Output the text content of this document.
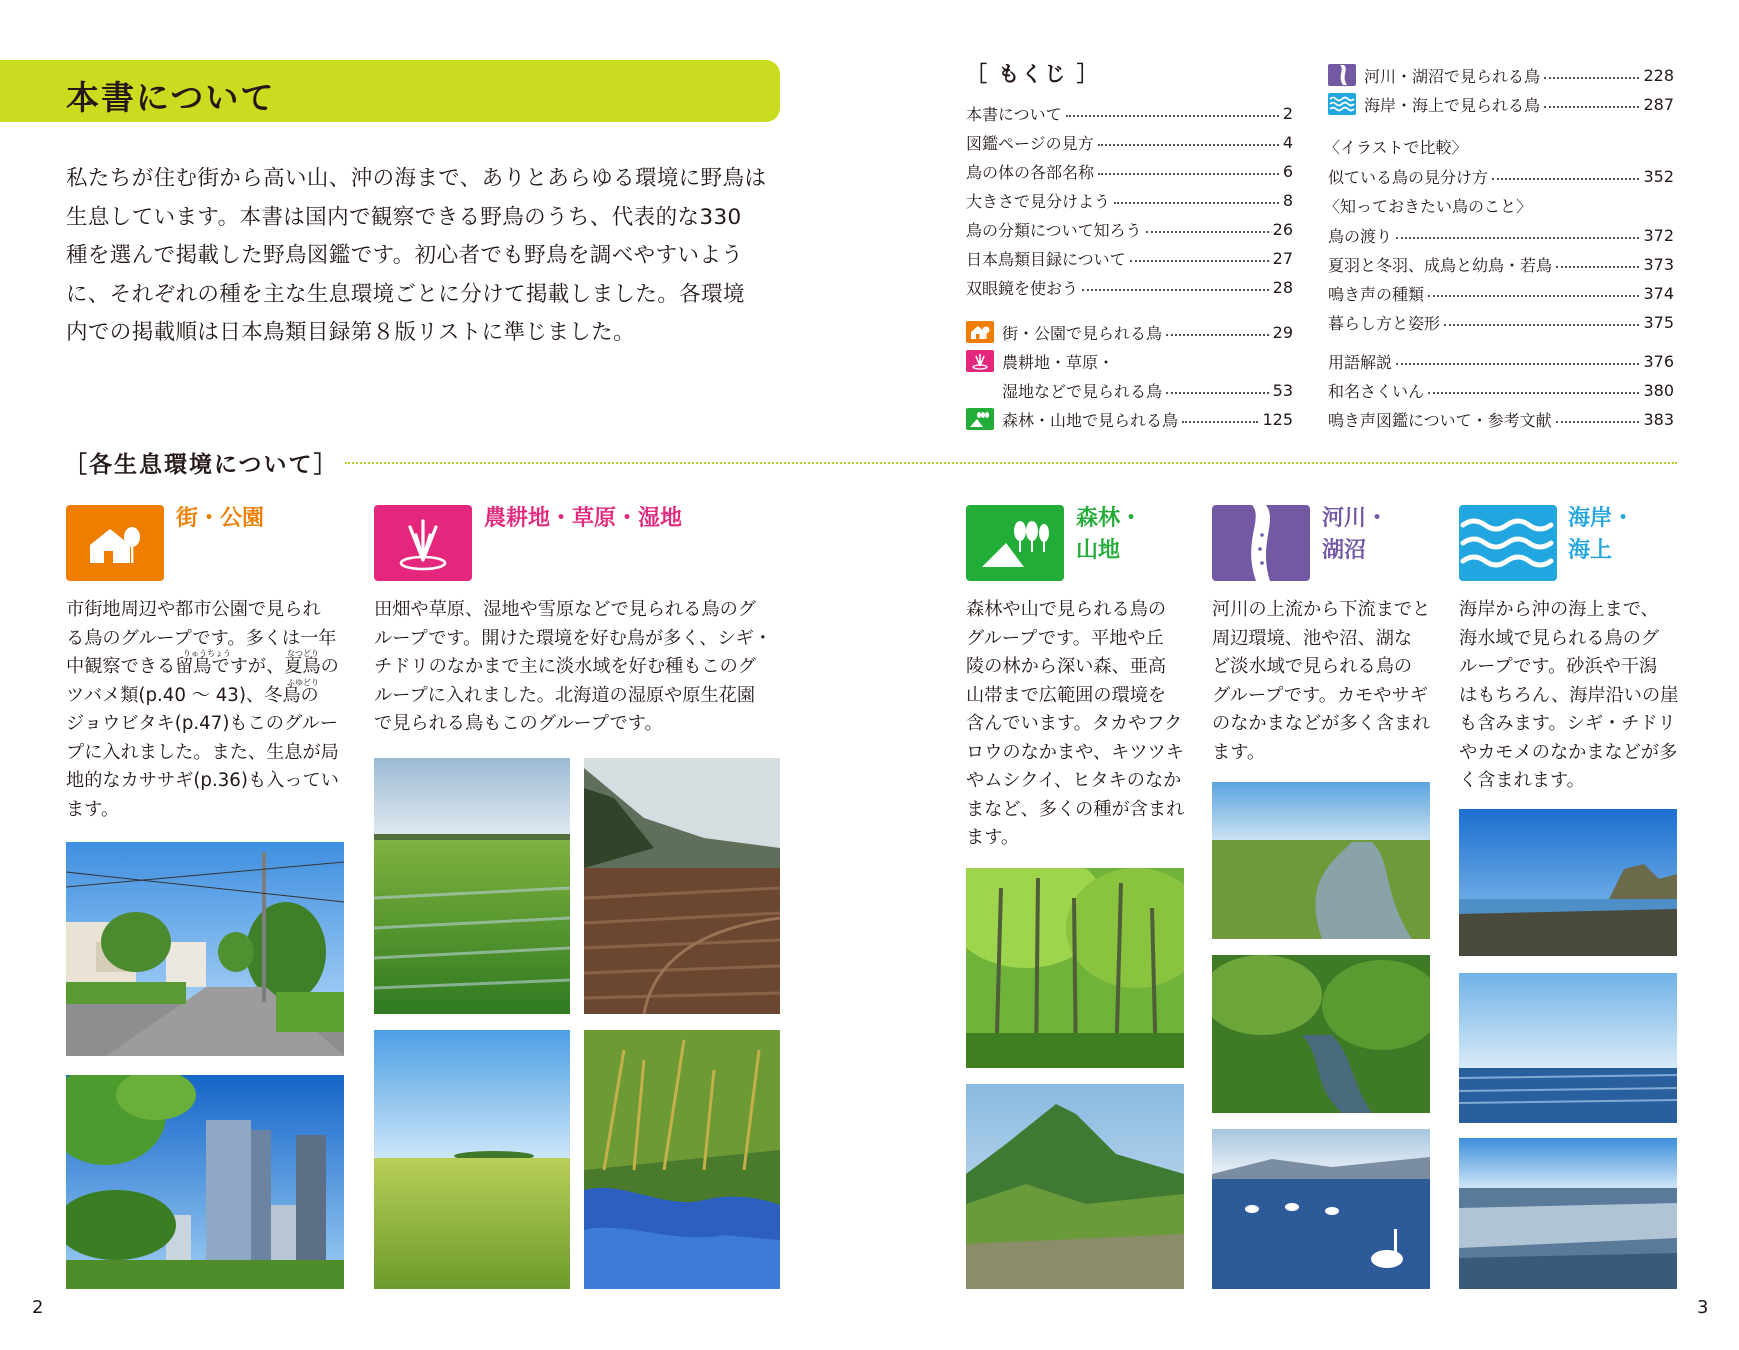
本書について

私たちが住む街から高い山、沖の海まで、ありとあらゆる環境に野鳥は

生息しています。本書は国内で観察できる野鳥のうち、代表的な330

種を選んで掲載した野鳥図鑑です。初心者でも野鳥を調べやすいよう

に、それぞれの種を主な生息環境ごとに分けて掲載しました。各環境

内での掲載順は日本鳥類目録第８版リストに準じました。

［ もくじ ］
本書について	2
図鑑ページの見方	4
鳥の体の各部名称	6
大きさで見分けよう	8
鳥の分類について知ろう	26
日本鳥類目録について	27
双眼鏡を使おう	28
街・公園で見られる鳥	29
農耕地・草原・
湿地などで見られる鳥	53
森林・山地で見られる鳥	125
河川・湖沼で見られる鳥	228
海岸・海上で見られる鳥	287
〈イラストで比較〉
似ている鳥の見分け方	352
〈知っておきたい鳥のこと〉
鳥の渡り	372
夏羽と冬羽、成鳥と幼鳥・若鳥	373
鳴き声の種類	374
暮らし方と姿形	375
用語解説	376
和名さくいん	380
鳴き声図鑑について・参考文献	383
［各生息環境について］
街・公園
市街地周辺や都市公園で見られ
る鳥のグループです。多くは一年
中観察できる留鳥ですが、夏鳥の
ツバメ類(p.40 ～ 43)、冬鳥の
ジョウビタキ(p.47)もこのグルー
プに入れました。また、生息が局
地的なカササギ(p.36)も入ってい
ます。
りゅうちょう	なつどり
ふゆどり
農耕地・草原・湿地
田畑や草原、湿地や雪原などで見られる鳥のグ
ループです。開けた環境を好む鳥が多く、シギ・
チドリのなかまで主に淡水域を好む種もこのグ
ループに入れました。北海道の湿原や原生花園
で見られる鳥もこのグループです。
森林・
山地
森林や山で見られる鳥の
グループです。平地や丘
陵の林から深い森、亜高
山帯まで広範囲の環境を
含んでいます。タカやフク
ロウのなかまや、キツツキ
やムシクイ、ヒタキのなか
まなど、多くの種が含まれ
ます。
河川・
湖沼
河川の上流から下流までと
周辺環境、池や沼、湖な
ど淡水域で見られる鳥の
グループです。カモやサギ
のなかまなどが多く含まれ
ます。
海岸・
海上
海岸から沖の海上まで、
海水域で見られる鳥のグ
ループです。砂浜や干潟
はもちろん、海岸沿いの崖
も含みます。シギ・チドリ
やカモメのなかまなどが多
く含まれます。
2	3
